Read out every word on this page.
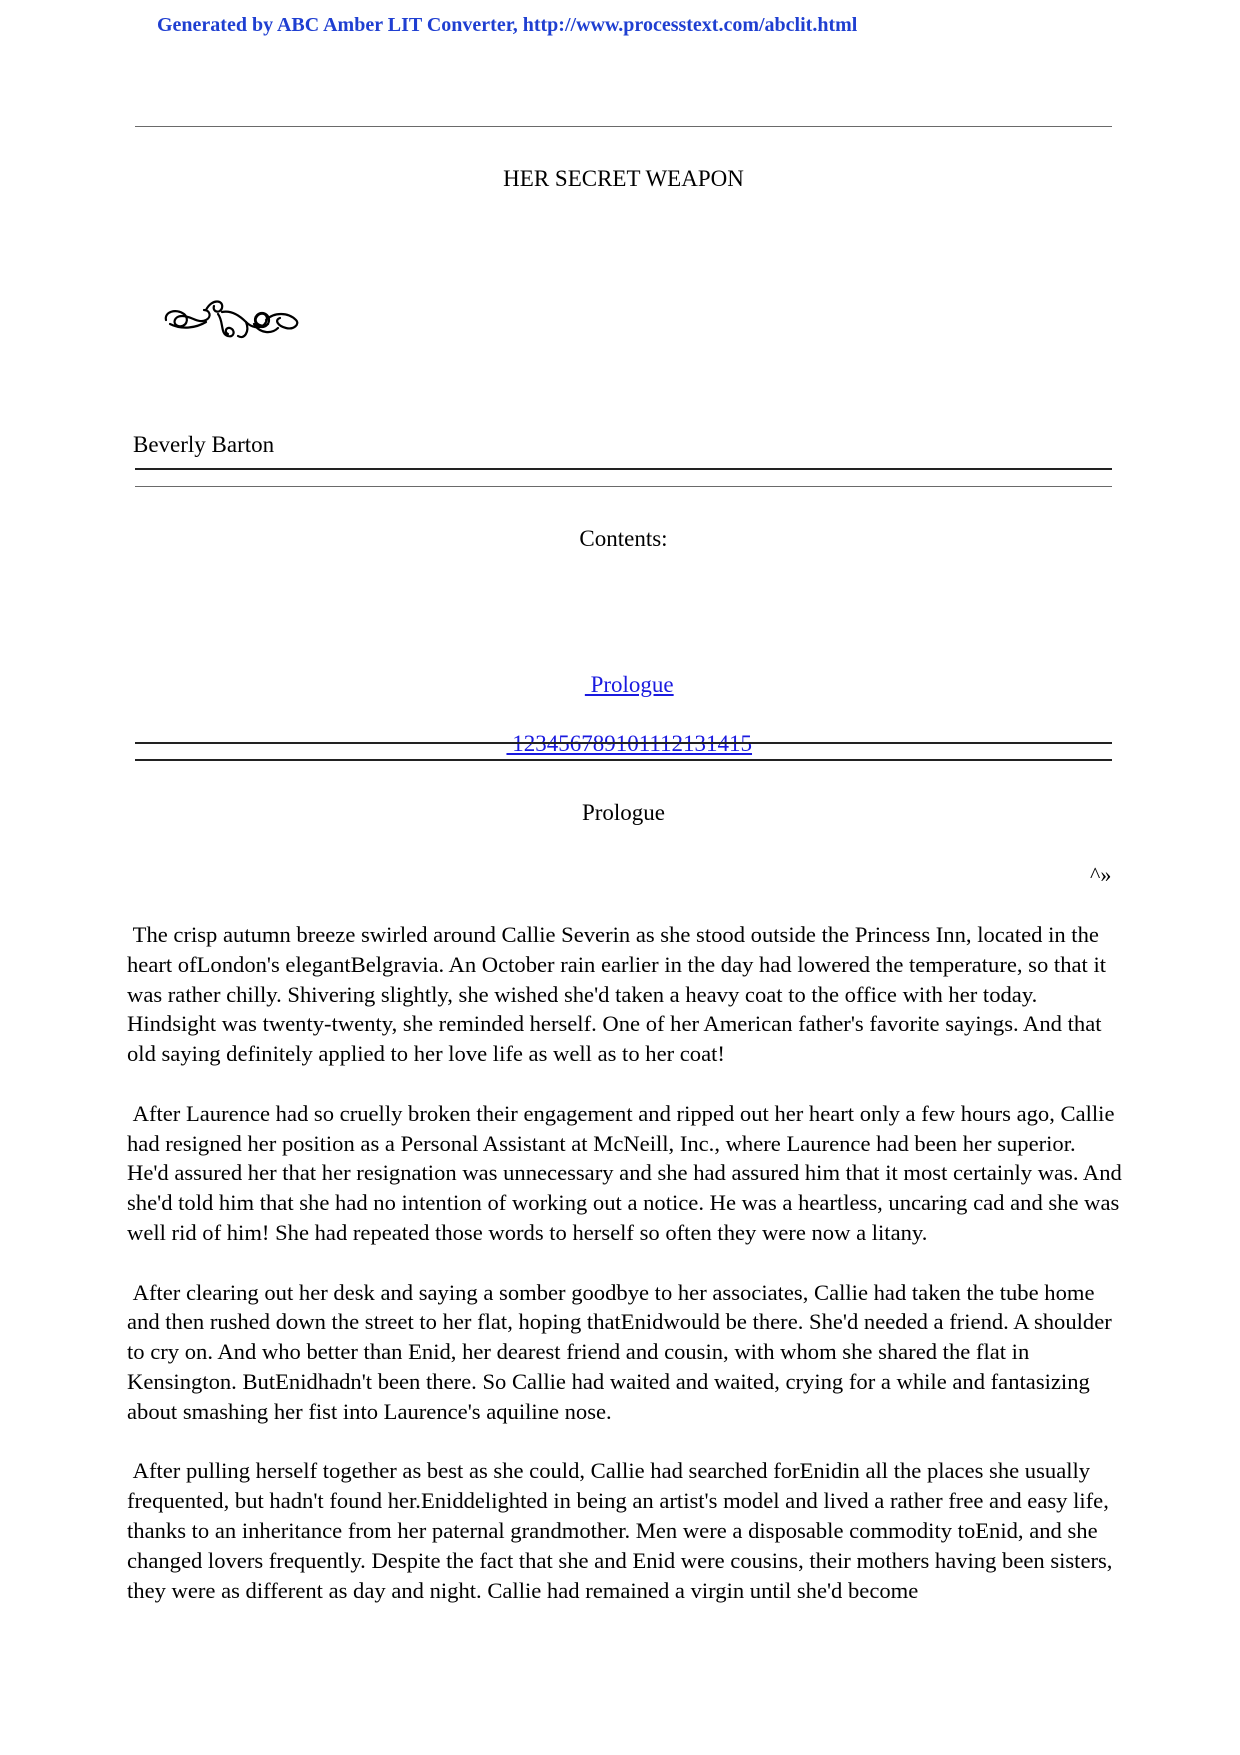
Generated by ABC Amber LIT Converter, http://www.processtext.com/abclit.html
HER SECRET WEAPON
Beverly Barton
Contents:

Prologue

123456789101112131415

Prologue
^»

The crisp autumn breeze swirled around Callie Severin as she stood outside the Princess Inn, located in the heart ofLondon's elegantBelgravia. An October rain earlier in the day had lowered the temperature, so that it was rather chilly. Shivering slightly, she wished she'd taken a heavy coat to the office with her today. Hindsight was twenty-twenty, she reminded herself. One of her American father's favorite sayings. And that old saying definitely applied to her love life as well as to her coat!

After Laurence had so cruelly broken their engagement and ripped out her heart only a few hours ago, Callie had resigned her position as a Personal Assistant at McNeill, Inc., where Laurence had been her superior. He'd assured her that her resignation was unnecessary and she had assured him that it most certainly was. And she'd told him that she had no intention of working out a notice. He was a heartless, uncaring cad and she was well rid of him! She had repeated those words to herself so often they were now a litany.

After clearing out her desk and saying a somber goodbye to her associates, Callie had taken the tube home and then rushed down the street to her flat, hoping thatEnidwould be there. She'd needed a friend. A shoulder to cry on. And who better than Enid, her dearest friend and cousin, with whom she shared the flat in Kensington. ButEnidhadn't been there. So Callie had waited and waited, crying for a while and fantasizing about smashing her fist into Laurence's aquiline nose.

After pulling herself together as best as she could, Callie had searched forEnidin all the places she usually frequented, but hadn't found her.Eniddelighted in being an artist's model and lived a rather free and easy life, thanks to an inheritance from her paternal grandmother. Men were a disposable commodity toEnid, and she changed lovers frequently. Despite the fact that she and Enid were cousins, their mothers having been sisters, they were as different as day and night. Callie had remained a virgin until she'd become
